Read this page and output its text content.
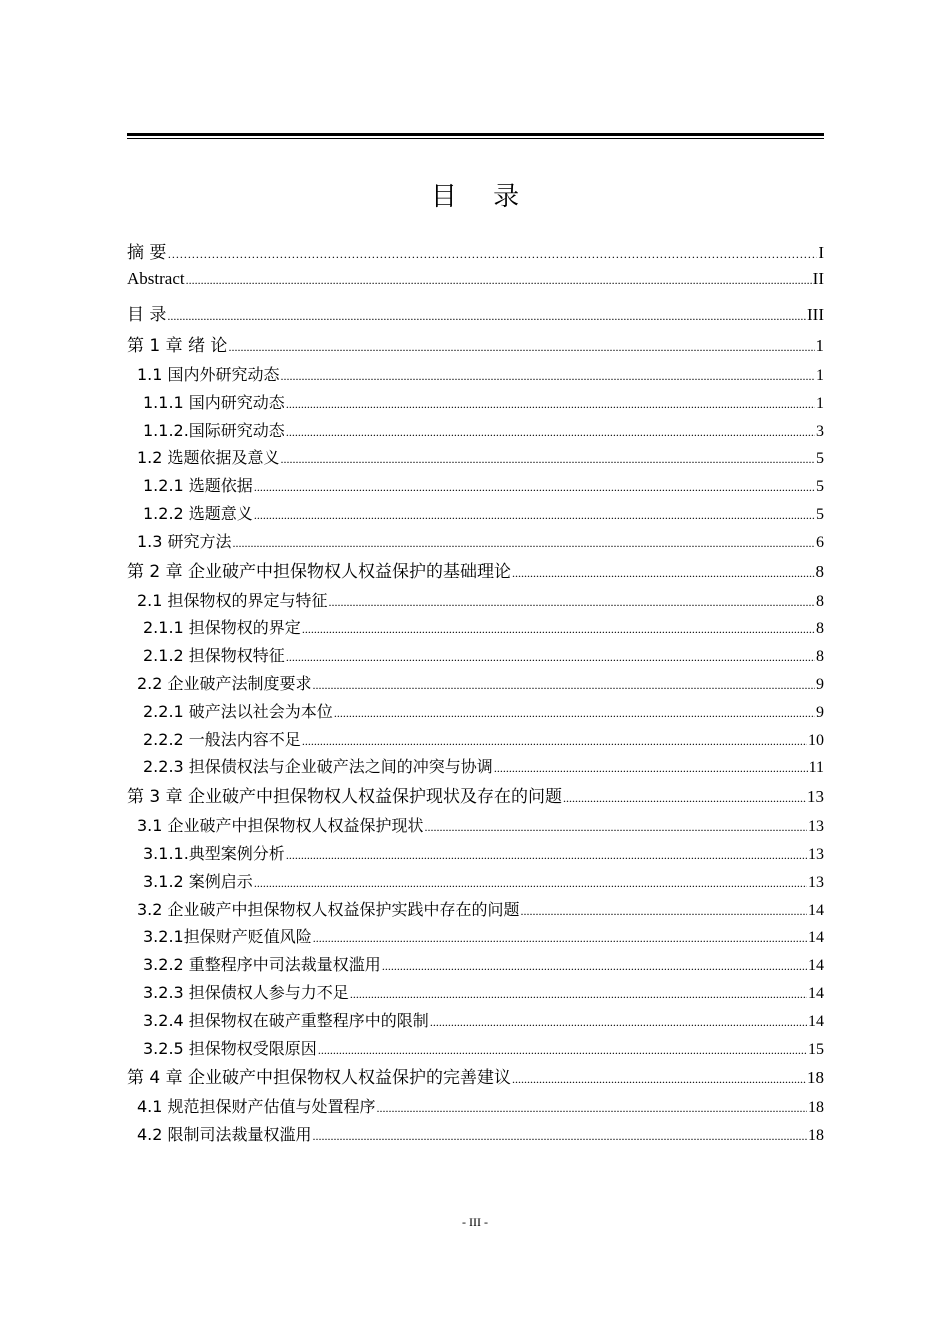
目 录
摘 要 …………………………………………………………………………………………………………………………………………………………	I
Abstract .....	II
目 录 .....	III
第 1 章 绪 论 .....	1
1.1 国内外研究动态 .....	1
1.1.1 国内研究动态 .....	1
1.1.2.国际研究动态 .....	3
1.2 选题依据及意义 .....	5
1.2.1 选题依据 .....	5
1.2.2 选题意义 .....	5
1.3 研究方法 .....	6
第 2 章 企业破产中担保物权人权益保护的基础理论 .....	8
2.1 担保物权的界定与特征 .....	8
2.1.1 担保物权的界定 .....	8
2.1.2 担保物权特征 .....	8
2.2 企业破产法制度要求 .....	9
2.2.1 破产法以社会为本位 .....	9
2.2.2 一般法内容不足 .....	10
2.2.3 担保债权法与企业破产法之间的冲突与协调 .....	11
第 3 章 企业破产中担保物权人权益保护现状及存在的问题 .....	13
3.1 企业破产中担保物权人权益保护现状 .....	13
3.1.1.典型案例分析 .....	13
3.1.2 案例启示 .....	13
3.2 企业破产中担保物权人权益保护实践中存在的问题 .....	14
3.2.1担保财产贬值风险 .....	14
3.2.2 重整程序中司法裁量权滥用 .....	14
3.2.3 担保债权人参与力不足 .....	14
3.2.4 担保物权在破产重整程序中的限制 .....	14
3.2.5 担保物权受限原因 .....	15
第 4 章 企业破产中担保物权人权益保护的完善建议 .....	18
4.1 规范担保财产估值与处置程序 .....	18
4.2 限制司法裁量权滥用 .....	18
- III -
